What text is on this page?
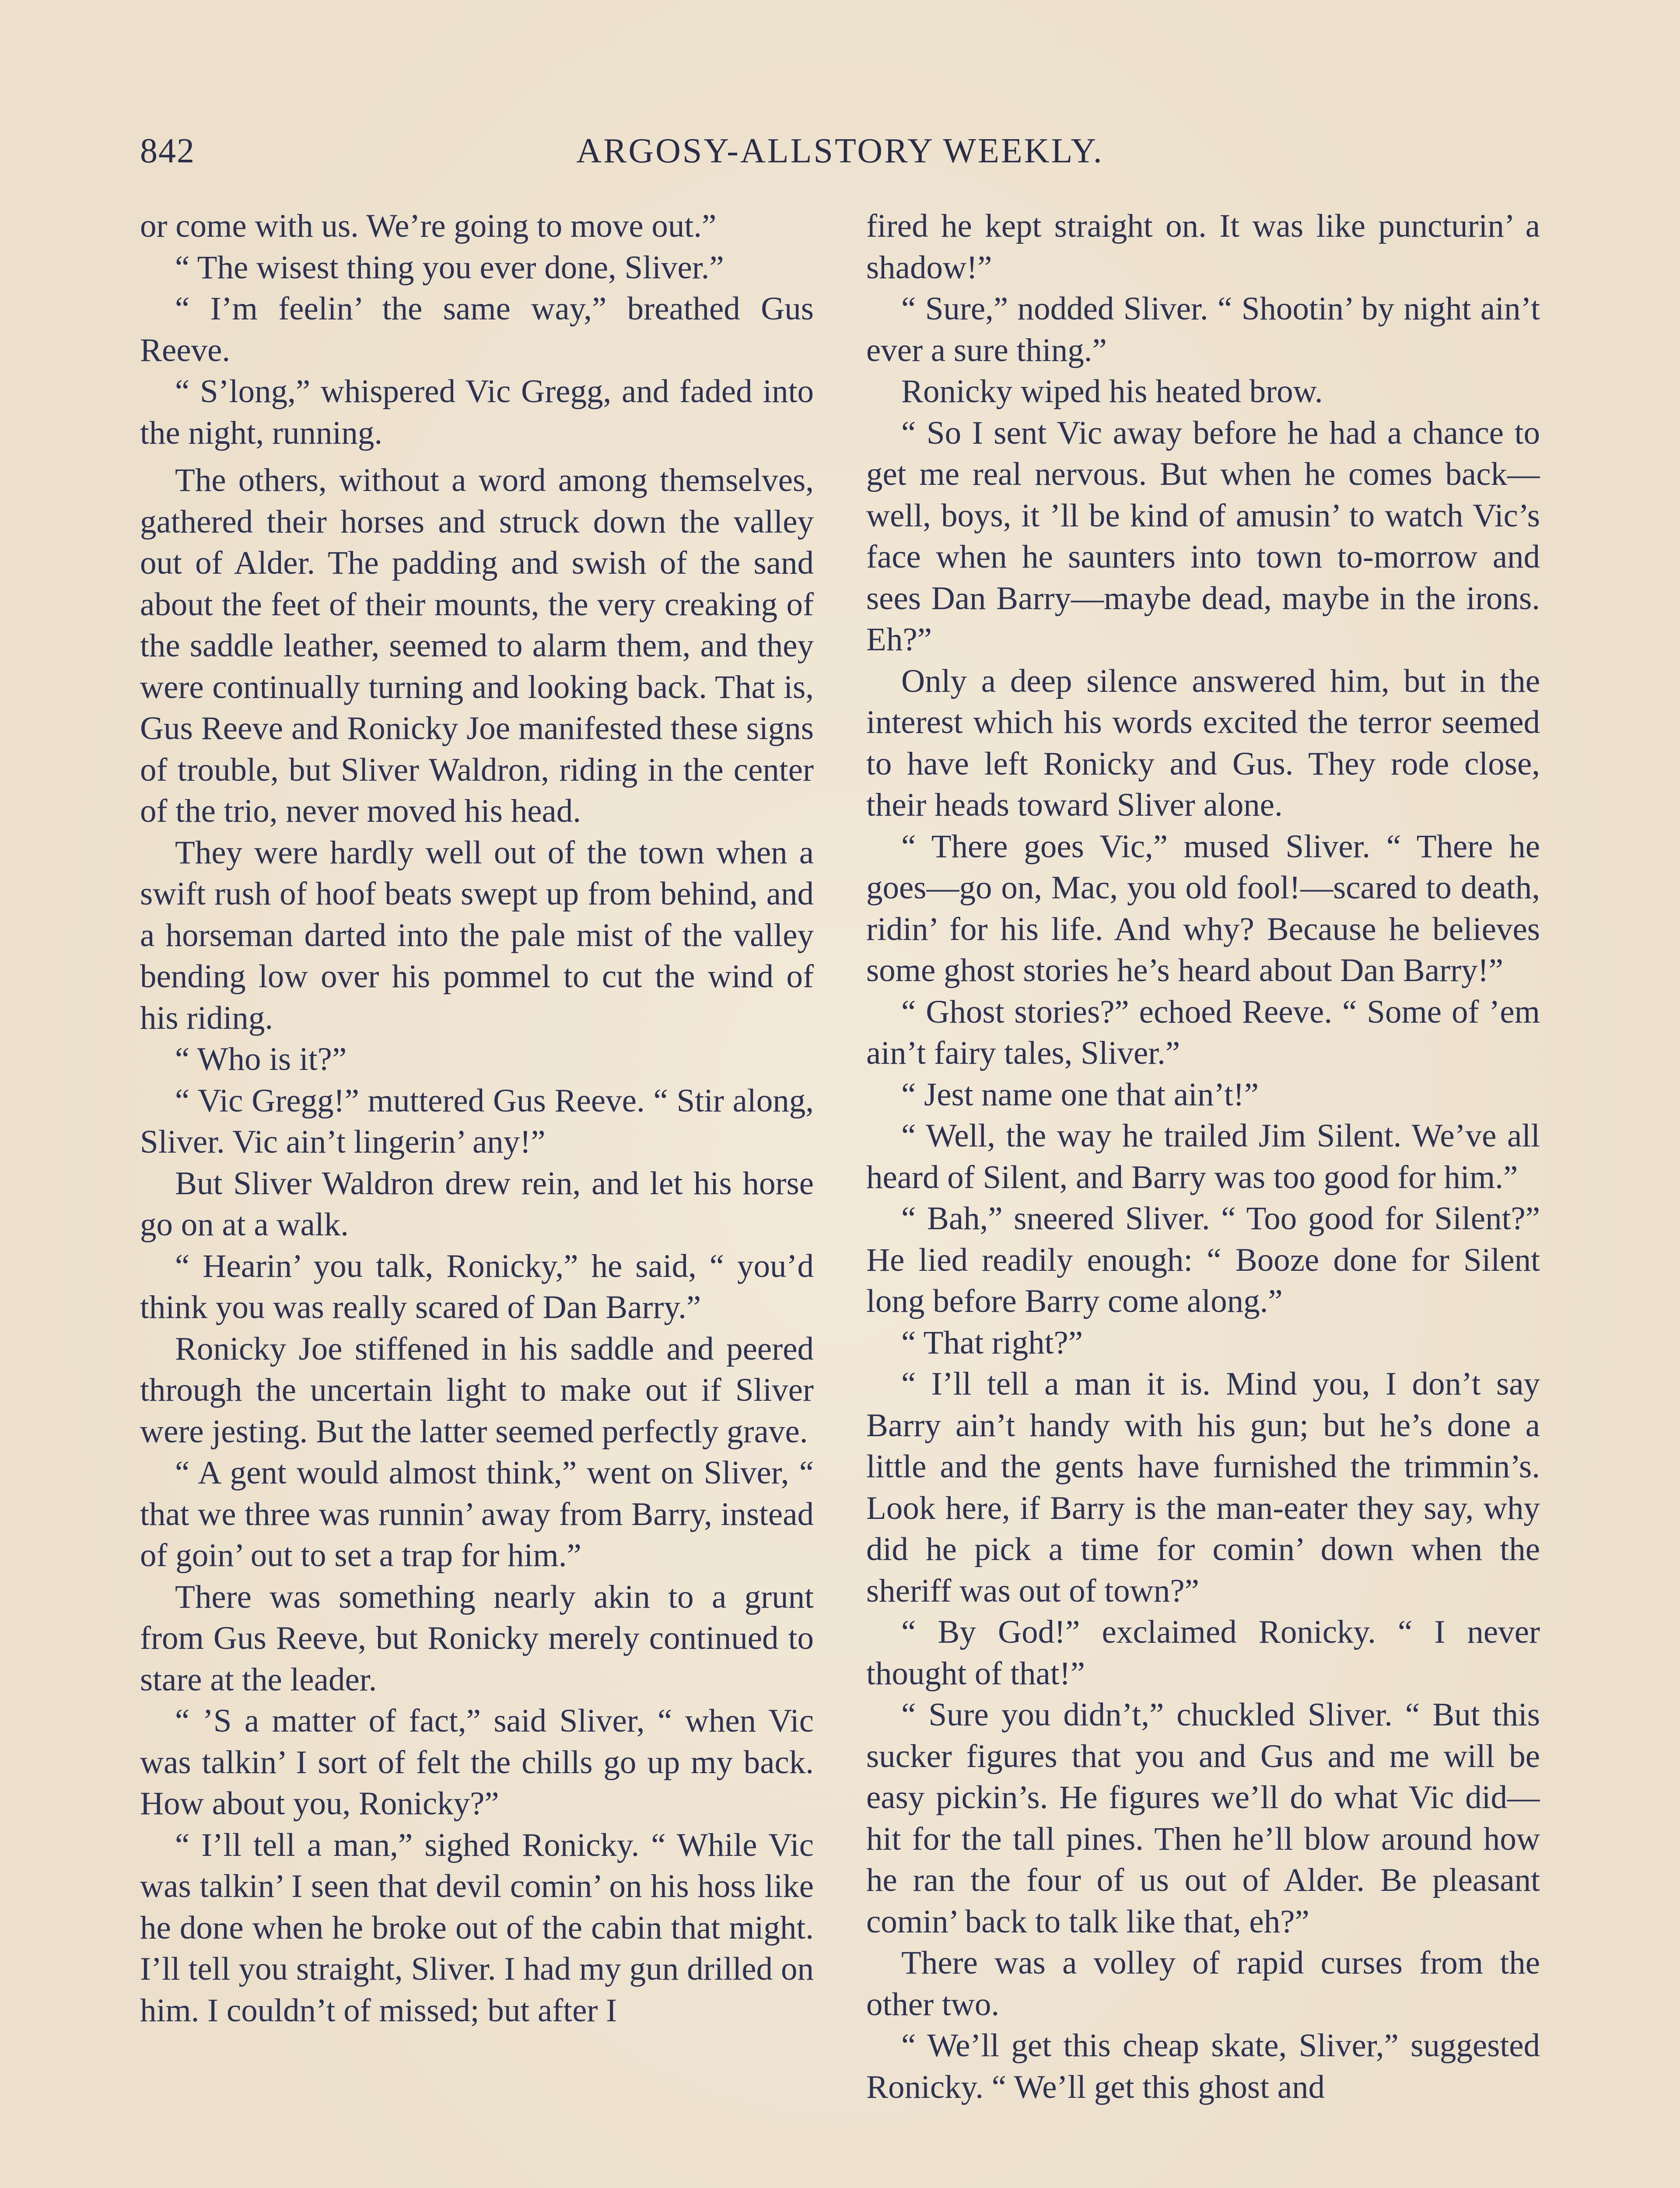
842	ARGOSY-ALLSTORY WEEKLY.

or come with us. We’re going to move out.”

“ The wisest thing you ever done, Sliver.”

“ I’m feelin’ the same way,” breathed Gus Reeve.

“ S’long,” whispered Vic Gregg, and faded into the night, running.

The others, without a word among themselves, gathered their horses and struck down the valley out of Alder. The padding and swish of the sand about the feet of their mounts, the very creaking of the saddle leather, seemed to alarm them, and they were continually turning and looking back. That is, Gus Reeve and Ronicky Joe manifested these signs of trouble, but Sliver Waldron, riding in the center of the trio, never moved his head.

They were hardly well out of the town when a swift rush of hoof beats swept up from behind, and a horseman darted into the pale mist of the valley bending low over his pommel to cut the wind of his riding.

“ Who is it?”

“ Vic Gregg!” muttered Gus Reeve. “ Stir along, Sliver. Vic ain’t lingerin’ any!”

But Sliver Waldron drew rein, and let his horse go on at a walk.

“ Hearin’ you talk, Ronicky,” he said, “ you’d think you was really scared of Dan Barry.”

Ronicky Joe stiffened in his saddle and peered through the uncertain light to make out if Sliver were jesting. But the latter seemed perfectly grave.

“ A gent would almost think,” went on Sliver, “ that we three was runnin’ away from Barry, instead of goin’ out to set a trap for him.”

There was something nearly akin to a grunt from Gus Reeve, but Ronicky merely continued to stare at the leader.

“ ’S a matter of fact,” said Sliver, “ when Vic was talkin’ I sort of felt the chills go up my back. How about you, Ronicky?”

“ I’ll tell a man,” sighed Ronicky. “ While Vic was talkin’ I seen that devil comin’ on his hoss like he done when he broke out of the cabin that might. I’ll tell you straight, Sliver. I had my gun drilled on him. I couldn’t of missed; but after I

fired he kept straight on. It was like puncturin’ a shadow!”

“ Sure,” nodded Sliver. “ Shootin’ by night ain’t ever a sure thing.”

Ronicky wiped his heated brow.

“ So I sent Vic away before he had a chance to get me real nervous. But when he comes back—well, boys, it ’ll be kind of amusin’ to watch Vic’s face when he saunters into town to-morrow and sees Dan Barry—maybe dead, maybe in the irons. Eh?”

Only a deep silence answered him, but in the interest which his words excited the terror seemed to have left Ronicky and Gus. They rode close, their heads toward Sliver alone.

“ There goes Vic,” mused Sliver. “ There he goes—go on, Mac, you old fool!—scared to death, ridin’ for his life. And why? Because he believes some ghost stories he’s heard about Dan Barry!”

“ Ghost stories?” echoed Reeve. “ Some of ’em ain’t fairy tales, Sliver.”

“ Jest name one that ain’t!”

“ Well, the way he trailed Jim Silent. We’ve all heard of Silent, and Barry was too good for him.”

“ Bah,” sneered Sliver. “ Too good for Silent?” He lied readily enough: “ Booze done for Silent long before Barry come along.”

“ That right?”

“ I’ll tell a man it is. Mind you, I don’t say Barry ain’t handy with his gun; but he’s done a little and the gents have furnished the trimmin’s. Look here, if Barry is the man-eater they say, why did he pick a time for comin’ down when the sheriff was out of town?”

“ By God!” exclaimed Ronicky. “ I never thought of that!”

“ Sure you didn’t,” chuckled Sliver. “ But this sucker figures that you and Gus and me will be easy pickin’s. He figures we’ll do what Vic did—hit for the tall pines. Then he’ll blow around how he ran the four of us out of Alder. Be pleasant comin’ back to talk like that, eh?”

There was a volley of rapid curses from the other two.

“ We’ll get this cheap skate, Sliver,” suggested Ronicky. “ We’ll get this ghost and
